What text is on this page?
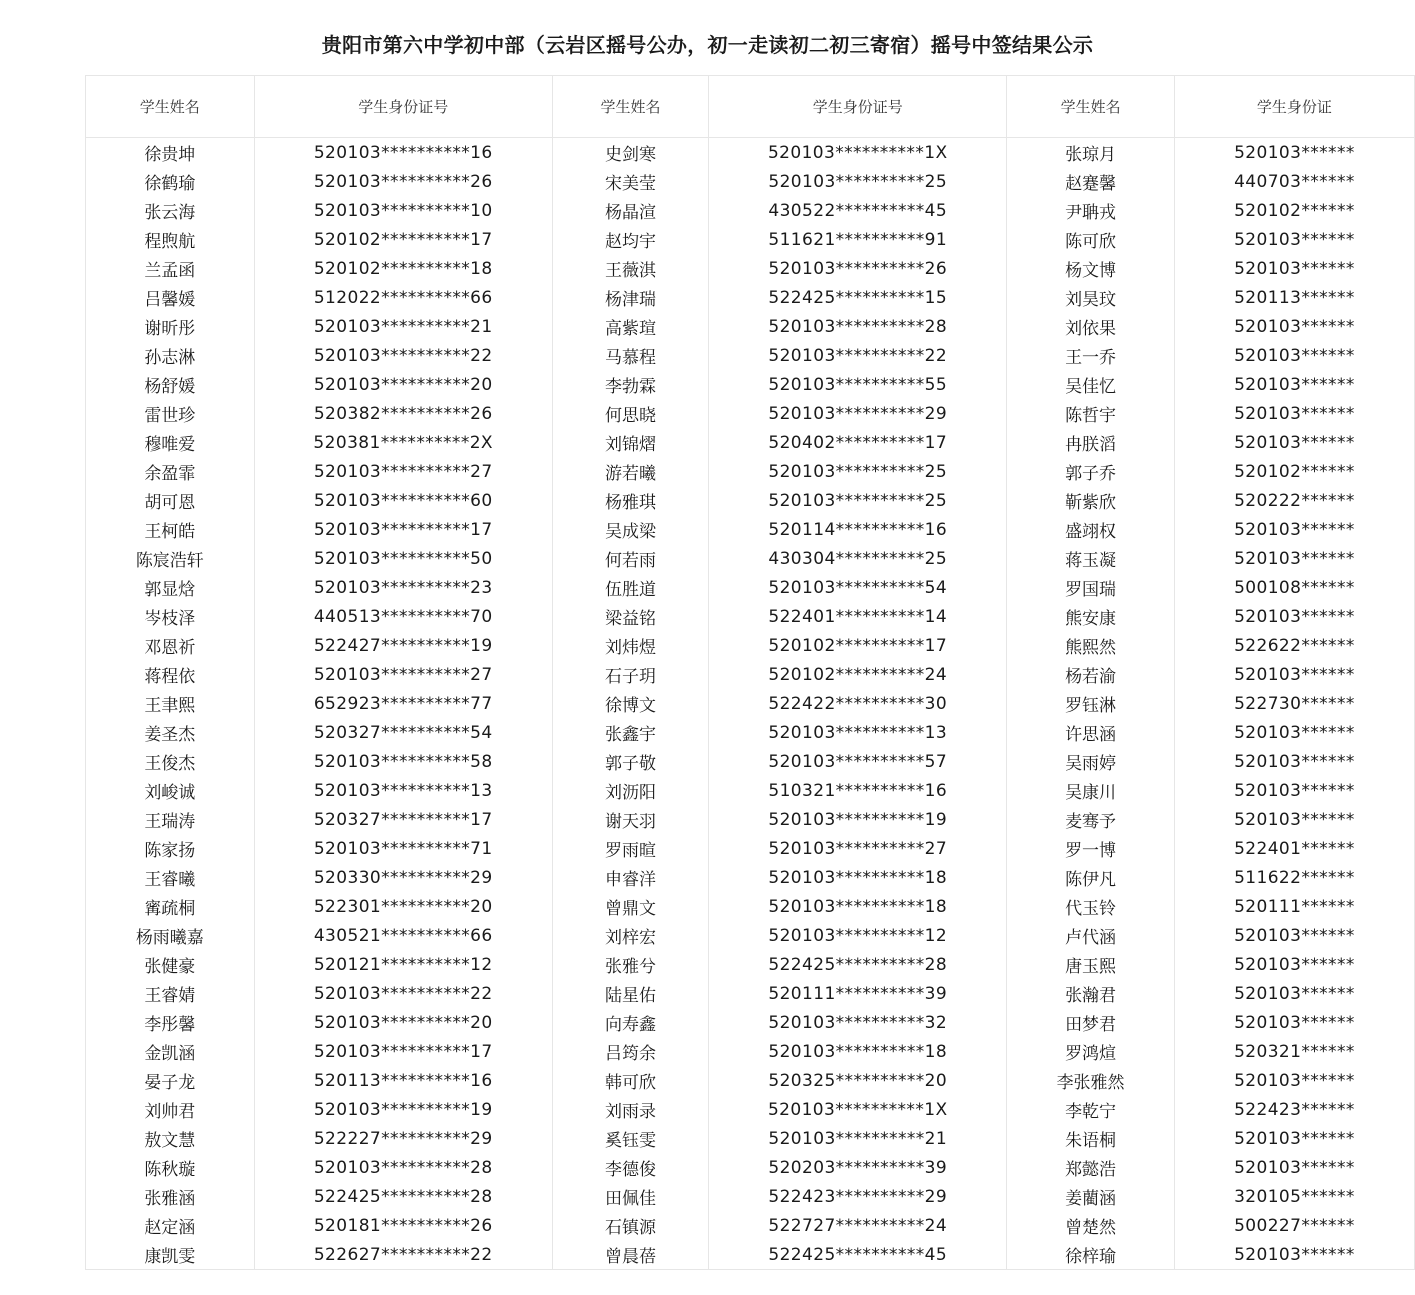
贵阳市第六中学初中部（云岩区摇号公办，初一走读初二初三寄宿）摇号中签结果公示
学生姓名	学生身份证号	学生姓名	学生身份证号	学生姓名	学生身份证
徐贵坤	520103**********16	史剑寒	520103**********1X	张琼月	520103******
徐鹤瑜	520103**********26	宋美莹	520103**********25	赵蹇馨	440703******
张云海	520103**********10	杨晶渲	430522**********45	尹聃戎	520102******
程煦航	520102**********17	赵均宇	511621**********91	陈可欣	520103******
兰孟函	520102**********18	王薇淇	520103**********26	杨文博	520103******
吕馨媛	512022**********66	杨津瑞	522425**********15	刘昊玟	520113******
谢昕彤	520103**********21	高紫瑄	520103**********28	刘依果	520103******
孙志淋	520103**********22	马慕程	520103**********22	王一乔	520103******
杨舒媛	520103**********20	李勃霖	520103**********55	吴佳忆	520103******
雷世珍	520382**********26	何思晓	520103**********29	陈哲宇	520103******
穆唯爱	520381**********2X	刘锦熠	520402**********17	冉朕滔	520103******
余盈霏	520103**********27	游若曦	520103**********25	郭子乔	520102******
胡可恩	520103**********60	杨雅琪	520103**********25	靳紫欣	520222******
王柯皓	520103**********17	吴成梁	520114**********16	盛翊权	520103******
陈宸浩轩	520103**********50	何若雨	430304**********25	蒋玉凝	520103******
郭显焓	520103**********23	伍胜道	520103**********54	罗国瑞	500108******
岑枝泽	440513**********70	梁益铭	522401**********14	熊安康	520103******
邓恩祈	522427**********19	刘炜煜	520102**********17	熊熙然	522622******
蒋程依	520103**********27	石子玥	520102**********24	杨若渝	520103******
王聿熙	652923**********77	徐博文	522422**********30	罗钰淋	522730******
姜圣杰	520327**********54	张鑫宇	520103**********13	许思涵	520103******
王俊杰	520103**********58	郭子敬	520103**********57	吴雨婷	520103******
刘峻诚	520103**********13	刘沥阳	510321**********16	吴康川	520103******
王瑞涛	520327**********17	谢天羽	520103**********19	麦骞予	520103******
陈家扬	520103**********71	罗雨暄	520103**********27	罗一博	522401******
王睿曦	520330**********29	申睿洋	520103**********18	陈伊凡	511622******
寗疏桐	522301**********20	曾鼎文	520103**********18	代玉铃	520111******
杨雨曦嘉	430521**********66	刘梓宏	520103**********12	卢代涵	520103******
张健豪	520121**********12	张雅兮	522425**********28	唐玉熙	520103******
王睿婧	520103**********22	陆星佑	520111**********39	张瀚君	520103******
李彤馨	520103**********20	向寿鑫	520103**********32	田梦君	520103******
金凯涵	520103**********17	吕筠余	520103**********18	罗鸿煊	520321******
晏子龙	520113**********16	韩可欣	520325**********20	李张雅然	520103******
刘帅君	520103**********19	刘雨录	520103**********1X	李乾宁	522423******
敖文慧	522227**********29	奚钰雯	520103**********21	朱语桐	520103******
陈秋璇	520103**********28	李德俊	520203**********39	郑懿浩	520103******
张雅涵	522425**********28	田佩佳	522423**********29	姜藺涵	320105******
赵定涵	520181**********26	石镇源	522727**********24	曾楚然	500227******
康凯雯	522627**********22	曾晨蓓	522425**********45	徐梓瑜	520103******
